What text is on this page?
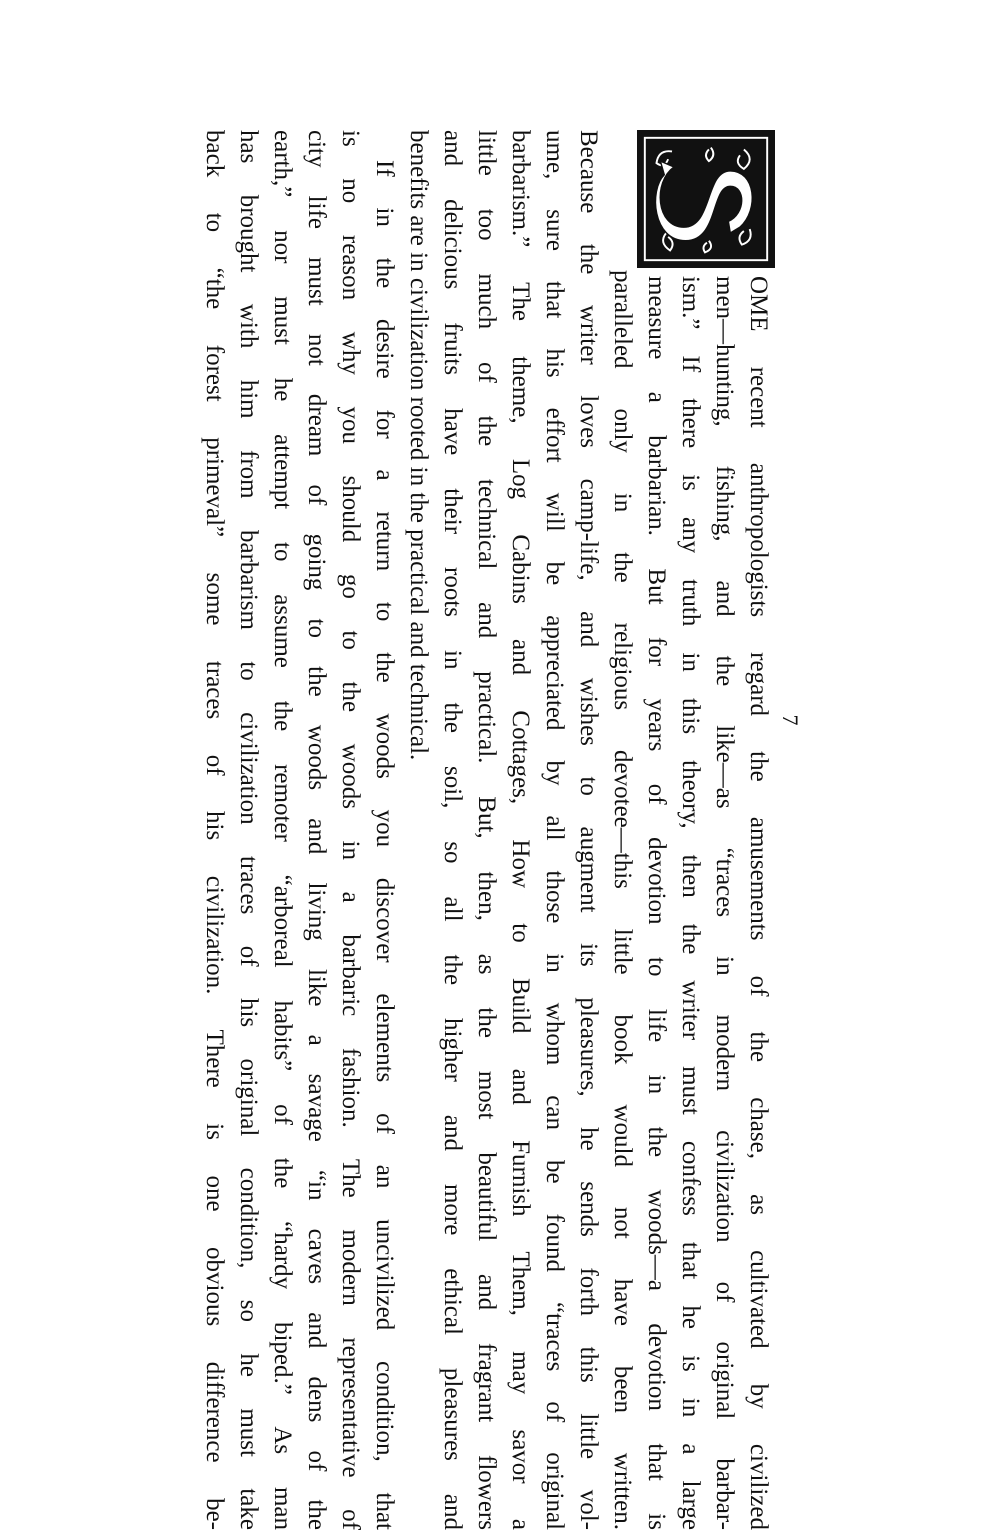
OME recent anthropologists regard the amusements of the chase, as cultivated by civilized
men—hunting, fishing, and the like—as “traces in modern civilization of original barbar-
ism.” If there is any truth in this theory, then the writer must confess that he is in a large
measure a barbarian. But for years of devotion to life in the woods—a devotion that is
paralleled only in the religious devotee—this little book would not have been written.
Because the writer loves camp-life, and wishes to augment its pleasures, he sends forth this little vol-
ume, sure that his effort will be appreciated by all those in whom can be found “traces of original
barbarism.” The theme, Log Cabins and Cottages, How to Build and Furnish Them, may savor a
little too much of the technical and practical. But, then, as the most beautiful and fragrant flowers
and delicious fruits have their roots in the soil, so all the higher and more ethical pleasures and
benefits are in civilization rooted in the practical and technical.
If in the desire for a return to the woods you discover elements of an uncivilized condition, that
is no reason why you should go to the woods in a barbaric fashion. The modern representative of
city life must not dream of going to the woods and living like a savage “in caves and dens of the
earth,” nor must he attempt to assume the remoter “arboreal habits” of the “hardy biped.” As man
has brought with him from barbarism to civilization traces of his original condition, so he must take
back to “the forest primeval” some traces of his civilization. There is one obvious difference be-	7
